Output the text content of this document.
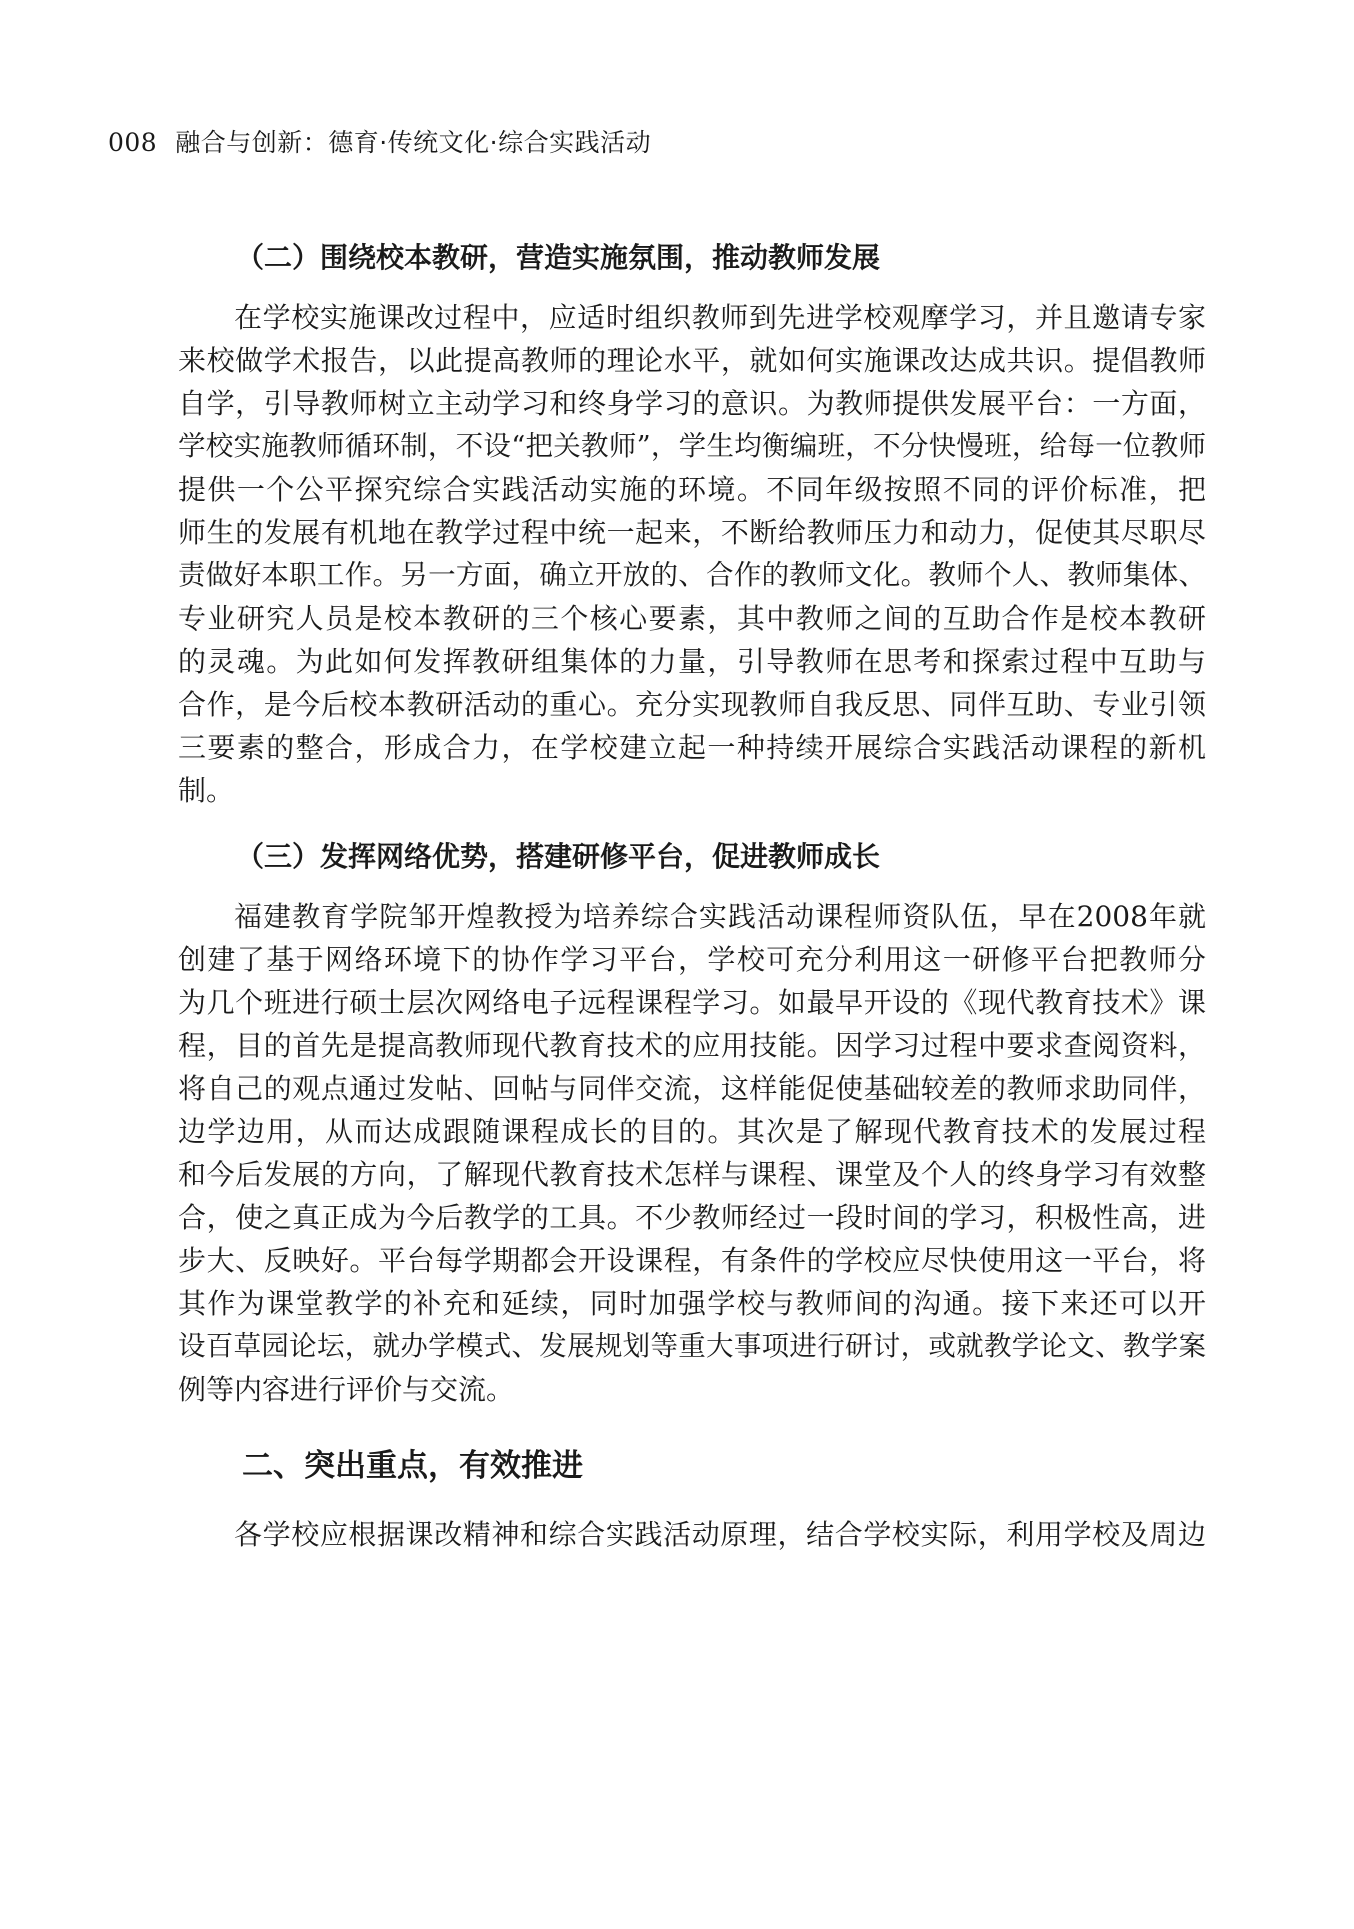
008 融合与创新：德育·传统文化·综合实践活动
（二）围绕校本教研，营造实施氛围，推动教师发展

在学校实施课改过程中，应适时组织教师到先进学校观摩学习，并且邀请专家
来校做学术报告，以此提高教师的理论水平，就如何实施课改达成共识。提倡教师
自学，引导教师树立主动学习和终身学习的意识。为教师提供发展平台：一方面，
学校实施教师循环制，不设“把关教师”，学生均衡编班，不分快慢班，给每一位教师
提供一个公平探究综合实践活动实施的环境。不同年级按照不同的评价标准，把
师生的发展有机地在教学过程中统一起来，不断给教师压力和动力，促使其尽职尽
责做好本职工作。另一方面，确立开放的、合作的教师文化。教师个人、教师集体、
专业研究人员是校本教研的三个核心要素，其中教师之间的互助合作是校本教研
的灵魂。为此如何发挥教研组集体的力量，引导教师在思考和探索过程中互助与
合作，是今后校本教研活动的重心。充分实现教师自我反思、同伴互助、专业引领
三要素的整合，形成合力，在学校建立起一种持续开展综合实践活动课程的新机
制。

（三）发挥网络优势，搭建研修平台，促进教师成长

福建教育学院邹开煌教授为培养综合实践活动课程师资队伍，早在2008年就
创建了基于网络环境下的协作学习平台，学校可充分利用这一研修平台把教师分
为几个班进行硕士层次网络电子远程课程学习。如最早开设的《现代教育技术》课
程，目的首先是提高教师现代教育技术的应用技能。因学习过程中要求查阅资料，
将自己的观点通过发帖、回帖与同伴交流，这样能促使基础较差的教师求助同伴，
边学边用，从而达成跟随课程成长的目的。其次是了解现代教育技术的发展过程
和今后发展的方向，了解现代教育技术怎样与课程、课堂及个人的终身学习有效整
合，使之真正成为今后教学的工具。不少教师经过一段时间的学习，积极性高，进
步大、反映好。平台每学期都会开设课程，有条件的学校应尽快使用这一平台，将
其作为课堂教学的补充和延续，同时加强学校与教师间的沟通。接下来还可以开
设百草园论坛，就办学模式、发展规划等重大事项进行研讨，或就教学论文、教学案
例等内容进行评价与交流。

二、突出重点，有效推进

各学校应根据课改精神和综合实践活动原理，结合学校实际，利用学校及周边
